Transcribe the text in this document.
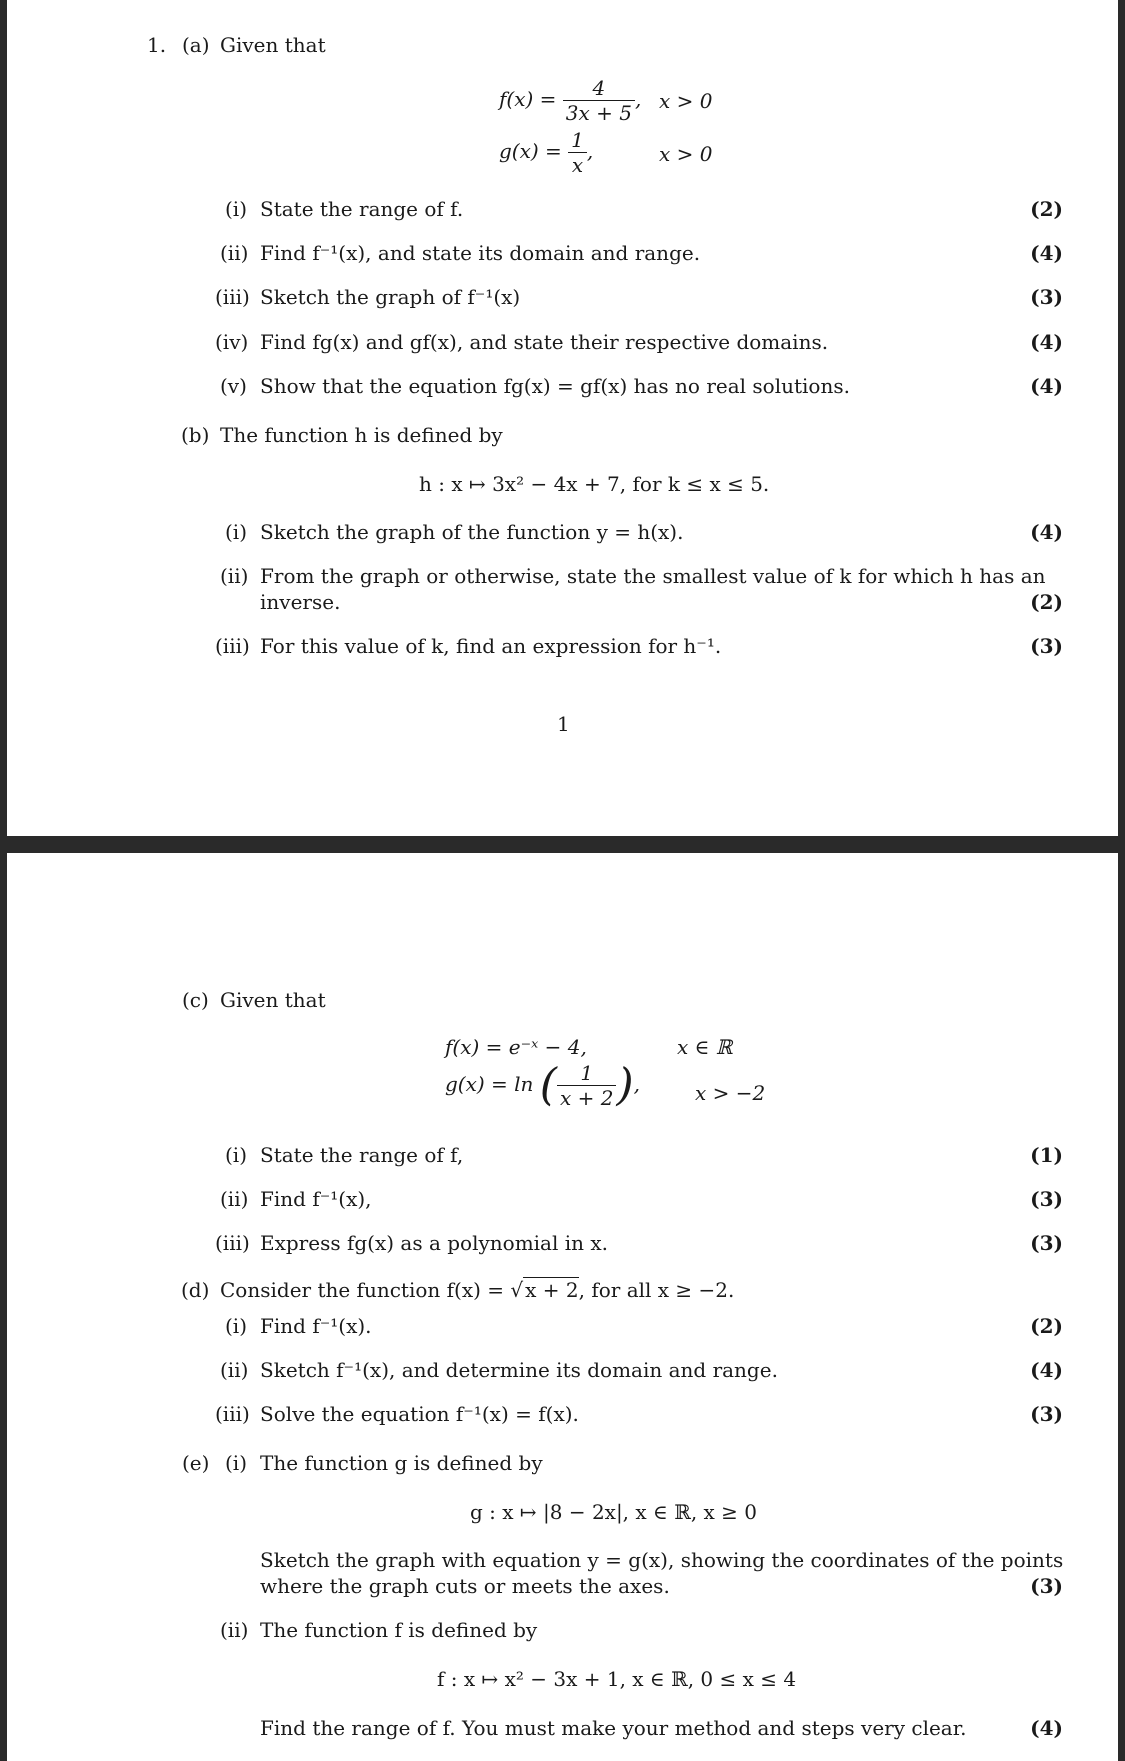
1. (a) Given that
$f(x) = \frac{4}{3x + 5}$ , x > 0
$g(x) = \frac{1}{x}$ ,	x > 0
(i) State the range of f.	(2)
(ii) Find f⁻¹(x), and state its domain and range.	(4)
(iii) Sketch the graph of f⁻¹(x)	(3)
(iv) Find fg(x) and gf(x), and state their respective domains.	(4)
(v) Show that the equation fg(x) = gf(x) has no real solutions.	(4)
(b) The function h is defined by
h : x ↦ 3x² − 4x + 7, for k ≤ x ≤ 5.
(i) Sketch the graph of the function y = h(x).	(4)
(ii) From the graph or otherwise, state the smallest value of k for which h has an
inverse.	(2)
(iii) For this value of k, find an expression for h⁻¹.	(3)
1
(c) Given that
f(x) = e⁻ˣ − 4,	x ∈ ℝ
g(x) = ln ( $\frac{1}{x + 2}$ ),	x > −2
(i) State the range of f,	(1)
(ii) Find f⁻¹(x),	(3)
(iii) Express fg(x) as a polynomial in x.	(3)
(d) Consider the function f(x) = √ x + 2, for all x ≥ −2.
(i) Find f⁻¹(x).	(2)
(ii) Sketch f⁻¹(x), and determine its domain and range.	(4)
(iii) Solve the equation f⁻¹(x) = f(x).	(3)
(e) (i) The function g is defined by
g : x ↦ |8 − 2x|, x ∈ ℝ, x ≥ 0
Sketch the graph with equation y = g(x), showing the coordinates of the points
where the graph cuts or meets the axes.	(3)
(ii) The function f is defined by
f : x ↦ x² − 3x + 1, x ∈ ℝ, 0 ≤ x ≤ 4
Find the range of f. You must make your method and steps very clear.	(4)
